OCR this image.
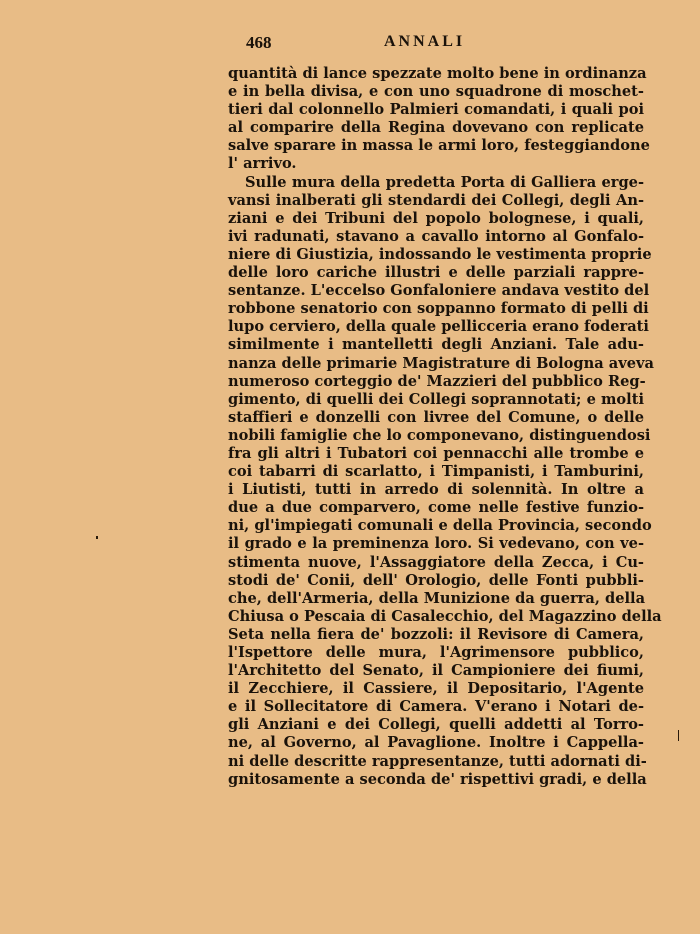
468	ANNALI
quantità di lance spezzate molto bene in ordinanza
e in bella divisa, e con uno squadrone di moschet-
tieri dal colonnello Palmieri comandati, i quali poi
al comparire della Regina dovevano con replicate
salve sparare in massa le armi loro, festeggiandone
l' arrivo.
Sulle mura della predetta Porta di Galliera erge-
vansi inalberati gli stendardi dei Collegi, degli An-
ziani e dei Tribuni del popolo bolognese, i quali,
ivi radunati, stavano a cavallo intorno al Gonfalo-
niere di Giustizia, indossando le vestimenta proprie
delle loro cariche illustri e delle parziali rappre-
sentanze. L'eccelso Gonfaloniere andava vestito del
robbone senatorio con soppanno formato di pelli di
lupo cerviero, della quale pellicceria erano foderati
similmente i mantelletti degli Anziani. Tale adu-
nanza delle primarie Magistrature di Bologna aveva
numeroso corteggio de' Mazzieri del pubblico Reg-
gimento, di quelli dei Collegi soprannotati; e molti
staffieri e donzelli con livree del Comune, o delle
nobili famiglie che lo componevano, distinguendosi
fra gli altri i Tubatori coi pennacchi alle trombe e
coi tabarri di scarlatto, i Timpanisti, i Tamburini,
i Liutisti, tutti in arredo di solennità. In oltre a
due a due comparvero, come nelle festive funzio-
ni, gl'impiegati comunali e della Provincia, secondo
il grado e la preminenza loro. Si vedevano, con ve-
stimenta nuove, l'Assaggiatore della Zecca, i Cu-
stodi de' Conii, dell' Orologio, delle Fonti pubbli-
che, dell'Armeria, della Munizione da guerra, della
Chiusa o Pescaia di Casalecchio, del Magazzino della
Seta nella fiera de' bozzoli: il Revisore di Camera,
l'Ispettore delle mura, l'Agrimensore pubblico,
l'Architetto del Senato, il Campioniere dei fiumi,
il Zecchiere, il Cassiere, il Depositario, l'Agente
e il Sollecitatore di Camera. V'erano i Notari de-
gli Anziani e dei Collegi, quelli addetti al Torro-
ne, al Governo, al Pavaglione. Inoltre i Cappella-
ni delle descritte rappresentanze, tutti adornati di-
gnitosamente a seconda de' rispettivi gradi, e della
